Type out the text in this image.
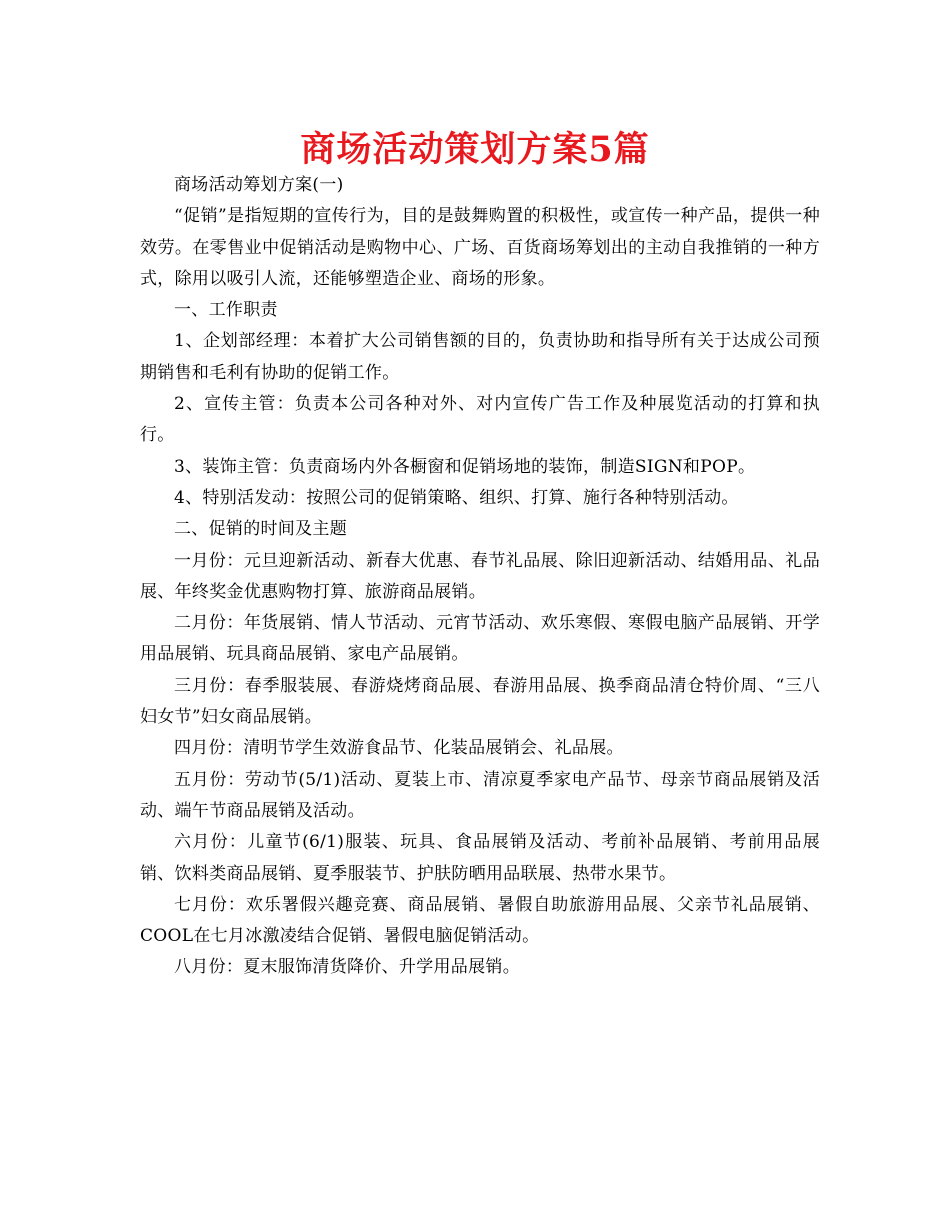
商场活动策划方案5篇

商场活动筹划方案(一)

“促销”是指短期的宣传行为，目的是鼓舞购置的积极性，或宣传一种产品，提供一种效劳。在零售业中促销活动是购物中心、广场、百货商场筹划出的主动自我推销的一种方式，除用以吸引人流，还能够塑造企业、商场的形象。

一、工作职责

1、企划部经理：本着扩大公司销售额的目的，负责协助和指导所有关于达成公司预期销售和毛利有协助的促销工作。

2、宣传主管：负责本公司各种对外、对内宣传广告工作及种展览活动的打算和执行。

3、装饰主管：负责商场内外各橱窗和促销场地的装饰，制造SIGN和POP。

4、特别活发动：按照公司的促销策略、组织、打算、施行各种特别活动。

二、促销的时间及主题

一月份：元旦迎新活动、新春大优惠、春节礼品展、除旧迎新活动、结婚用品、礼品展、年终奖金优惠购物打算、旅游商品展销。

二月份：年货展销、情人节活动、元宵节活动、欢乐寒假、寒假电脑产品展销、开学用品展销、玩具商品展销、家电产品展销。

三月份：春季服装展、春游烧烤商品展、春游用品展、换季商品清仓特价周、“三八妇女节”妇女商品展销。

四月份：清明节学生效游食品节、化装品展销会、礼品展。

五月份：劳动节(5/1)活动、夏装上市、清凉夏季家电产品节、母亲节商品展销及活动、端午节商品展销及活动。

六月份：儿童节(6/1)服装、玩具、食品展销及活动、考前补品展销、考前用品展销、饮料类商品展销、夏季服装节、护肤防晒用品联展、热带水果节。

七月份：欢乐署假兴趣竞赛、商品展销、暑假自助旅游用品展、父亲节礼品展销、COOL在七月冰激凌结合促销、暑假电脑促销活动。

八月份：夏末服饰清货降价、升学用品展销。
